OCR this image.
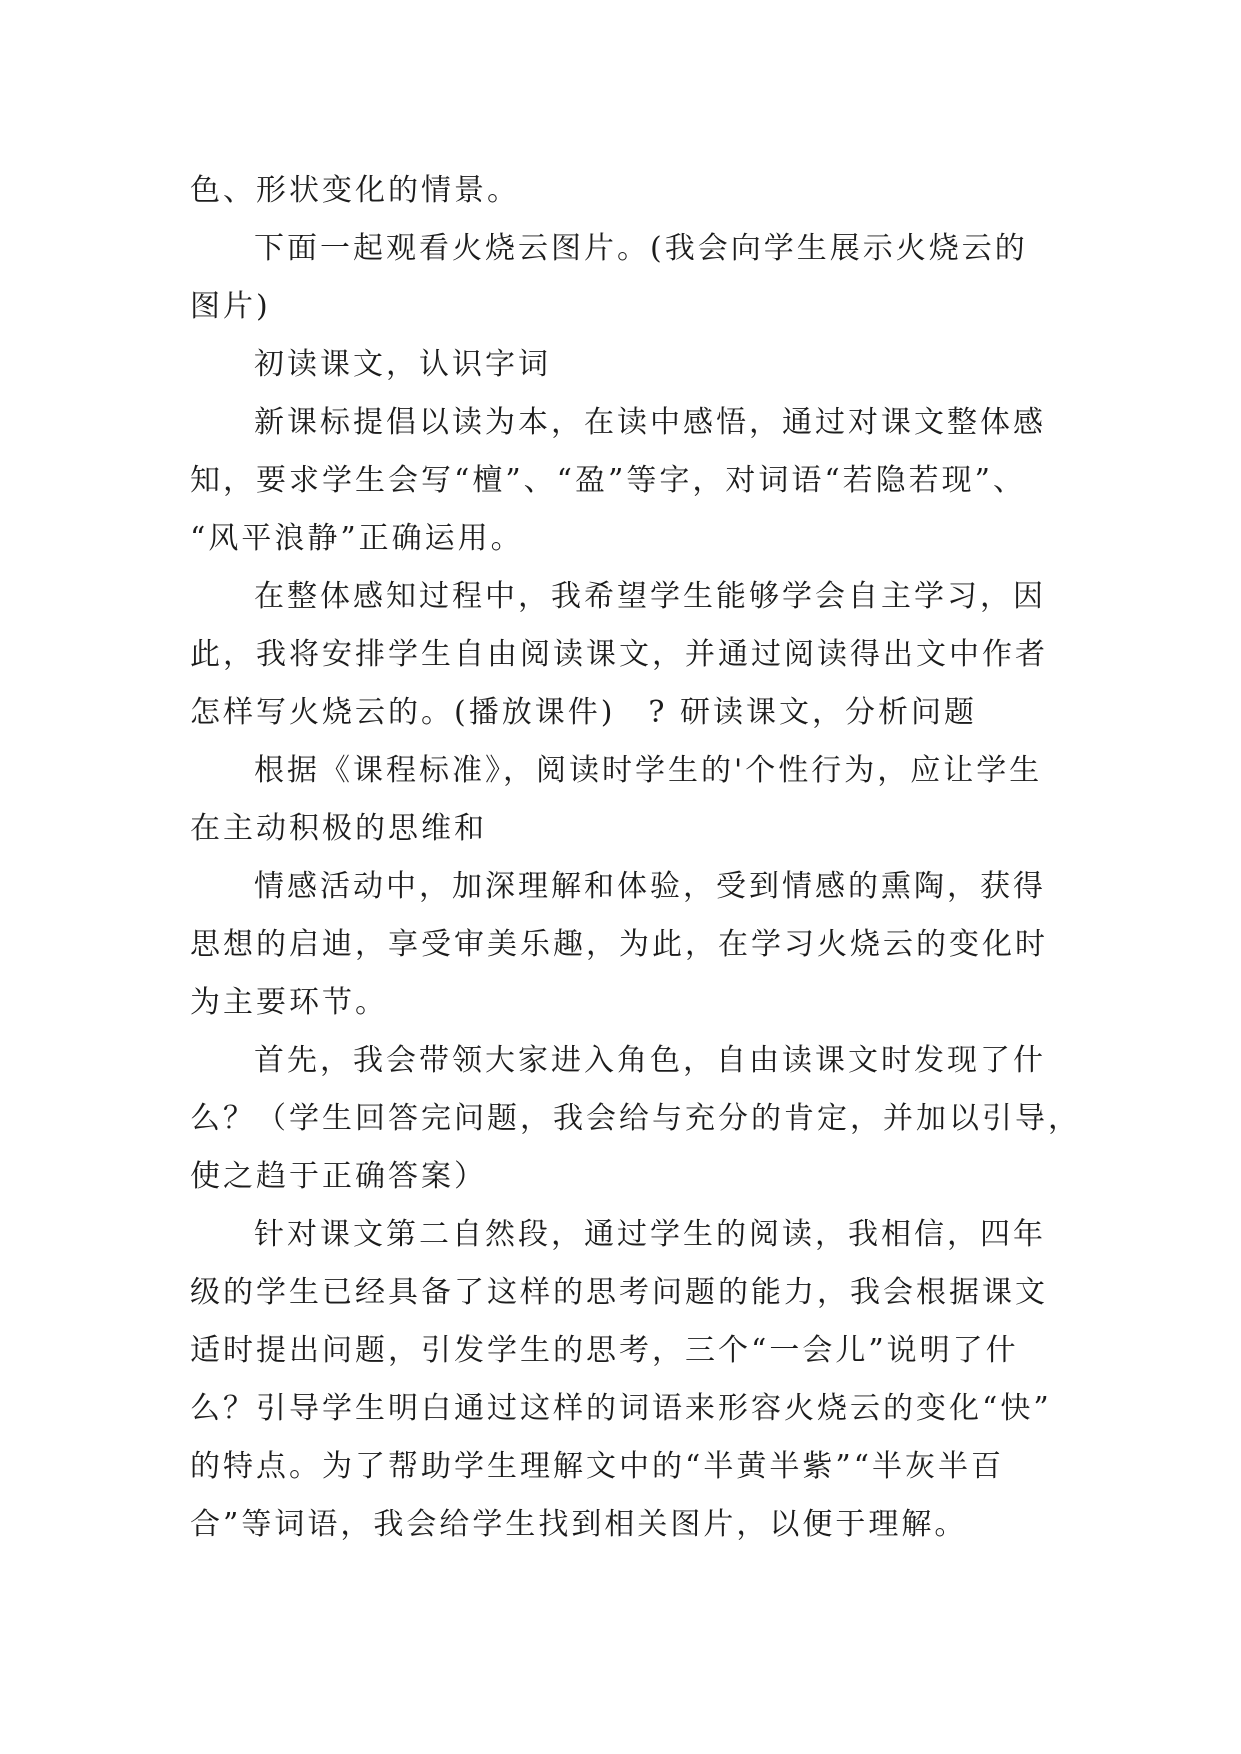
色、形状变化的情景。
下面一起观看火烧云图片。(我会向学生展示火烧云的
图片)
初读课文，认识字词
新课标提倡以读为本，在读中感悟，通过对课文整体感
知，要求学生会写“檀”、“盈”等字，对词语“若隐若现”、
“风平浪静”正确运用。
在整体感知过程中，我希望学生能够学会自主学习，因
此，我将安排学生自由阅读课文，并通过阅读得出文中作者
怎样写火烧云的。(播放课件)　? 研读课文，分析问题
根据《课程标准》，阅读时学生的'个性行为，应让学生
在主动积极的思维和
情感活动中，加深理解和体验，受到情感的熏陶，获得
思想的启迪，享受审美乐趣，为此，在学习火烧云的变化时
为主要环节。
首先，我会带领大家进入角色，自由读课文时发现了什
么？（学生回答完问题，我会给与充分的肯定，并加以引导，
使之趋于正确答案）
针对课文第二自然段，通过学生的阅读，我相信，四年
级的学生已经具备了这样的思考问题的能力，我会根据课文
适时提出问题，引发学生的思考，三个“一会儿”说明了什
么？引导学生明白通过这样的词语来形容火烧云的变化“快”
的特点。为了帮助学生理解文中的“半黄半紫”“半灰半百
合”等词语，我会给学生找到相关图片，以便于理解。
